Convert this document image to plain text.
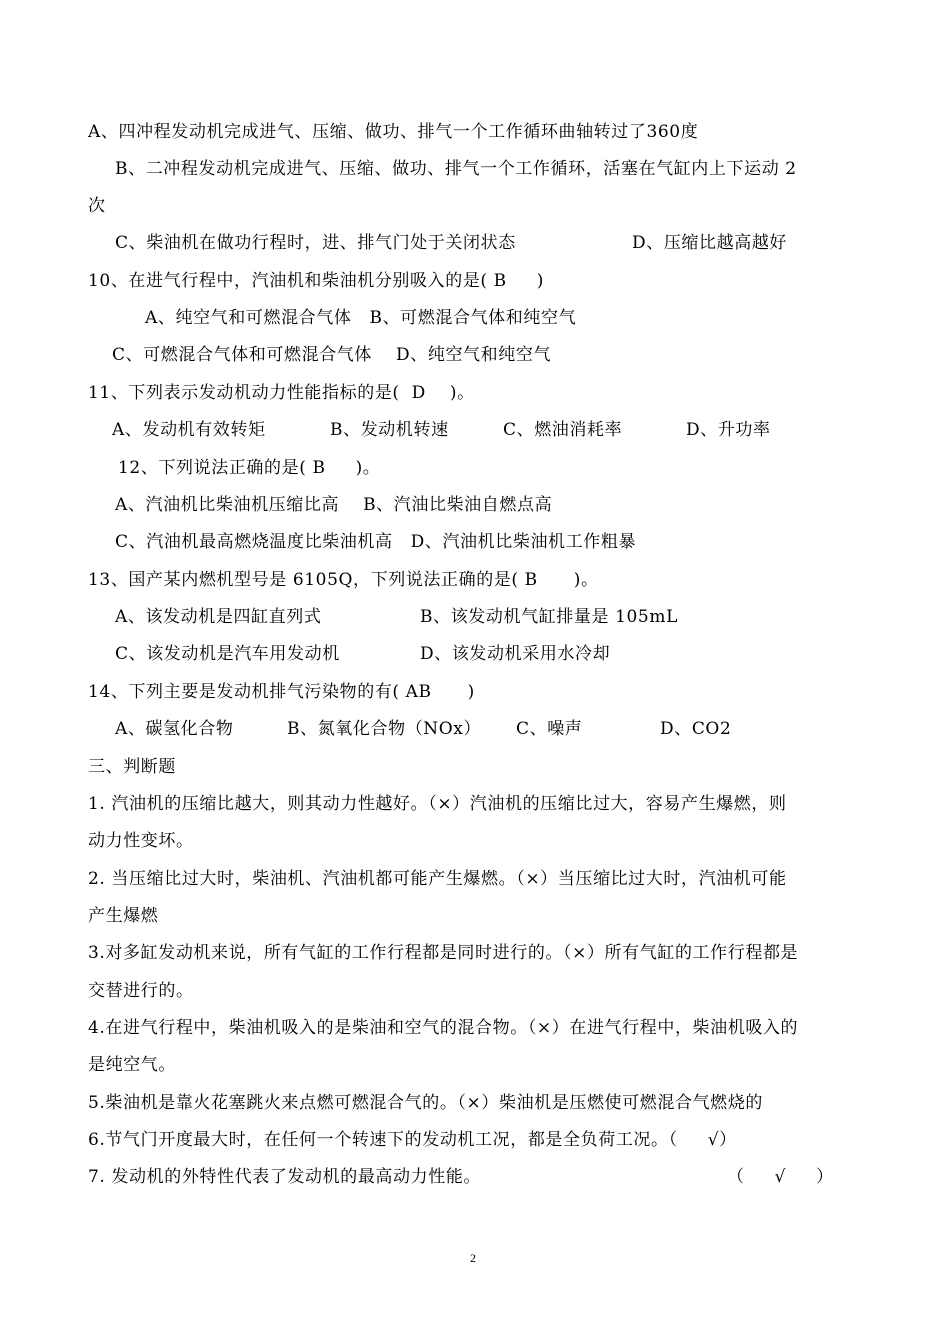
A、四冲程发动机完成进气、压缩、做功、排气一个工作循环曲轴转过了360度
B、二冲程发动机完成进气、压缩、做功、排气一个工作循环，活塞在气缸内上下运动 2
次
C、柴油机在做功行程时，进、排气门处于关闭状态	D、压缩比越高越好
10、在进气行程中，汽油机和柴油机分别吸入的是( B     )
A、纯空气和可燃混合气体   B、可燃混合气体和纯空气
C、可燃混合气体和可燃混合气体    D、纯空气和纯空气
11、下列表示发动机动力性能指标的是(  D    )。
A、发动机有效转矩	B、发动机转速	C、燃油消耗率	D、升功率
12、下列说法正确的是( B     )。
A、汽油机比柴油机压缩比高    B、汽油比柴油自燃点高
C、汽油机最高燃烧温度比柴油机高   D、汽油机比柴油机工作粗暴
13、国产某内燃机型号是 6105Q，下列说法正确的是( B      )。
A、该发动机是四缸直列式	B、该发动机气缸排量是 105mL
C、该发动机是汽车用发动机	D、该发动机采用水冷却
14、下列主要是发动机排气污染物的有( AB      )
A、碳氢化合物	B、氮氧化合物（NOx） C、噪声	D、CO2
三、判断题
1. 汽油机的压缩比越大，则其动力性越好。（×）汽油机的压缩比过大，容易产生爆燃，则
动力性变坏。
2. 当压缩比过大时，柴油机、汽油机都可能产生爆燃。（×）当压缩比过大时，汽油机可能
产生爆燃
3.对多缸发动机来说，所有气缸的工作行程都是同时进行的。（×）所有气缸的工作行程都是
交替进行的。
4.在进气行程中，柴油机吸入的是柴油和空气的混合物。（×）在进气行程中，柴油机吸入的
是纯空气。
5.柴油机是靠火花塞跳火来点燃可燃混合气的。（×）柴油机是压燃使可燃混合气燃烧的
6.节气门开度最大时，在任何一个转速下的发动机工况，都是全负荷工况。（     √）
7. 发动机的外特性代表了发动机的最高动力性能。	（     √     ）
2
